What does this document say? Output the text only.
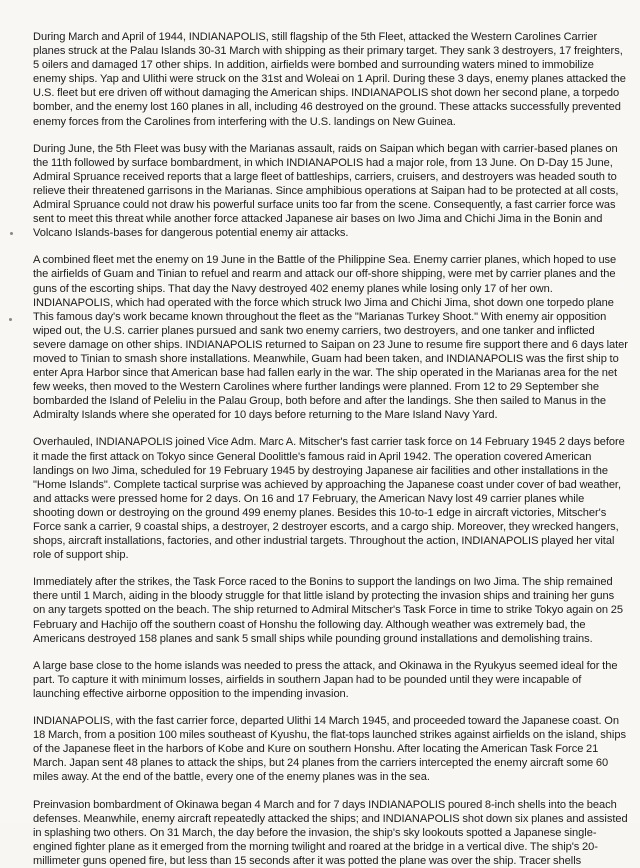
During March and April of 1944, INDIANAPOLIS, still flagship of the 5th Fleet, attacked the Western Carolines Carrier planes struck at the Palau Islands 30-31 March with shipping as their primary target. They sank 3 destroyers, 17 freighters, 5 oilers and damaged 17 other ships. In addition, airfields were bombed and surrounding waters mined to immobilize enemy ships. Yap and Ulithi were struck on the 31st and Woleai on 1 April. During these 3 days, enemy planes attacked the U.S. fleet but ere driven off without damaging the American ships. INDIANAPOLIS shot down her second plane, a torpedo bomber, and the enemy lost 160 planes in all, including 46 destroyed on the ground. These attacks successfully prevented enemy forces from the Carolines from interfering with the U.S. landings on New Guinea.

During June, the 5th Fleet was busy with the Marianas assault, raids on Saipan which began with carrier-based planes on the 11th followed by surface bombardment, in which INDIANAPOLIS had a major role, from 13 June. On D-Day 15 June, Admiral Spruance received reports that a large fleet of battleships, carriers, cruisers, and destroyers was headed south to relieve their threatened garrisons in the Marianas. Since amphibious operations at Saipan had to be protected at all costs, Admiral Spruance could not draw his powerful surface units too far from the scene. Consequently, a fast carrier force was sent to meet this threat while another force attacked Japanese air bases on Iwo Jima and Chichi Jima in the Bonin and Volcano Islands-bases for dangerous potential enemy air attacks.

A combined fleet met the enemy on 19 June in the Battle of the Philippine Sea. Enemy carrier planes, which hoped to use the airfields of Guam and Tinian to refuel and rearm and attack our off-shore shipping, were met by carrier planes and the guns of the escorting ships. That day the Navy destroyed 402 enemy planes while losing only 17 of her own. INDIANAPOLIS, which had operated with the force which struck Iwo Jima and Chichi Jima, shot down one torpedo plane This famous day's work became known throughout the fleet as the "Marianas Turkey Shoot." With enemy air opposition wiped out, the U.S. carrier planes pursued and sank two enemy carriers, two destroyers, and one tanker and inflicted severe damage on other ships. INDIANAPOLIS returned to Saipan on 23 June to resume fire support there and 6 days later moved to Tinian to smash shore installations. Meanwhile, Guam had been taken, and INDIANAPOLIS was the first ship to enter Apra Harbor since that American base had fallen early in the war. The ship operated in the Marianas area for the net few weeks, then moved to the Western Carolines where further landings were planned. From 12 to 29 September she bombarded the Island of Peleliu in the Palau Group, both before and after the landings. She then sailed to Manus in the Admiralty Islands where she operated for 10 days before returning to the Mare Island Navy Yard.

Overhauled, INDIANAPOLIS joined Vice Adm. Marc A. Mitscher's fast carrier task force on 14 February 1945 2 days before it made the first attack on Tokyo since General Doolittle's famous raid in April 1942. The operation covered American landings on Iwo Jima, scheduled for 19 February 1945 by destroying Japanese air facilities and other installations in the "Home Islands". Complete tactical surprise was achieved by approaching the Japanese coast under cover of bad weather, and attacks were pressed home for 2 days. On 16 and 17 February, the American Navy lost 49 carrier planes while shooting down or destroying on the ground 499 enemy planes. Besides this 10-to-1 edge in aircraft victories, Mitscher's Force sank a carrier, 9 coastal ships, a destroyer, 2 destroyer escorts, and a cargo ship. Moreover, they wrecked hangers, shops, aircraft installations, factories, and other industrial targets. Throughout the action, INDIANAPOLIS played her vital role of support ship.

Immediately after the strikes, the Task Force raced to the Bonins to support the landings on Iwo Jima. The ship remained there until 1 March, aiding in the bloody struggle for that little island by protecting the invasion ships and training her guns on any targets spotted on the beach. The ship returned to Admiral Mitscher's Task Force in time to strike Tokyo again on 25 February and Hachijo off the southern coast of Honshu the following day. Although weather was extremely bad, the Americans destroyed 158 planes and sank 5 small ships while pounding ground installations and demolishing trains.

A large base close to the home islands was needed to press the attack, and Okinawa in the Ryukyus seemed ideal for the part. To capture it with minimum losses, airfields in southern Japan had to be pounded until they were incapable of launching effective airborne opposition to the impending invasion.

INDIANAPOLIS, with the fast carrier force, departed Ulithi 14 March 1945, and proceeded toward the Japanese coast. On 18 March, from a position 100 miles southeast of Kyushu, the flat-tops launched strikes against airfields on the island, ships of the Japanese fleet in the harbors of Kobe and Kure on southern Honshu. After locating the American Task Force 21 March. Japan sent 48 planes to attack the ships, but 24 planes from the carriers intercepted the enemy aircraft some 60 miles away. At the end of the battle, every one of the enemy planes was in the sea.

Preinvasion bombardment of Okinawa began 4 March and for 7 days INDIANAPOLIS poured 8-inch shells into the beach defenses. Meanwhile, enemy aircraft repeatedly attacked the ships; and INDIANAPOLIS shot down six planes and assisted in splashing two others. On 31 March, the day before the invasion, the ship's sky lookouts spotted a Japanese single-engined fighter plane as it emerged from the morning twilight and roared at the bridge in a vertical dive. The ship's 20-millimeter guns opened fire, but less than 15 seconds after it was potted the plane was over the ship. Tracer shells
